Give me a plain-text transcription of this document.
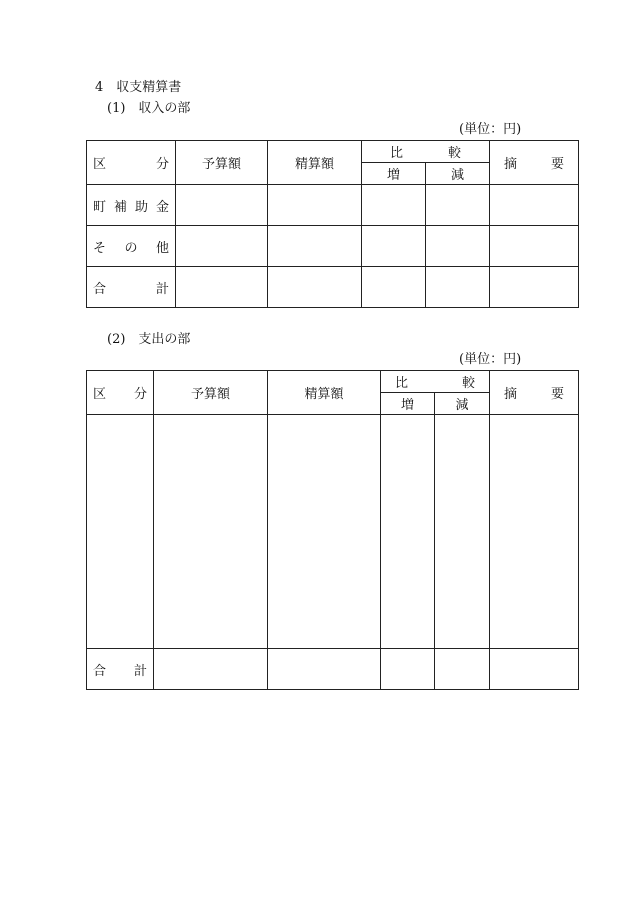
4　収支精算書
(1)　収入の部
(単位：円)
区 分	予算額	精算額	比 較		摘 要

			増	減	

町 補 助 金					

そ の 他					

合 計					

(2)　支出の部
(単位：円)
区 分	予算額	精算額	比 較		摘 要

			増	減	

合 計					
